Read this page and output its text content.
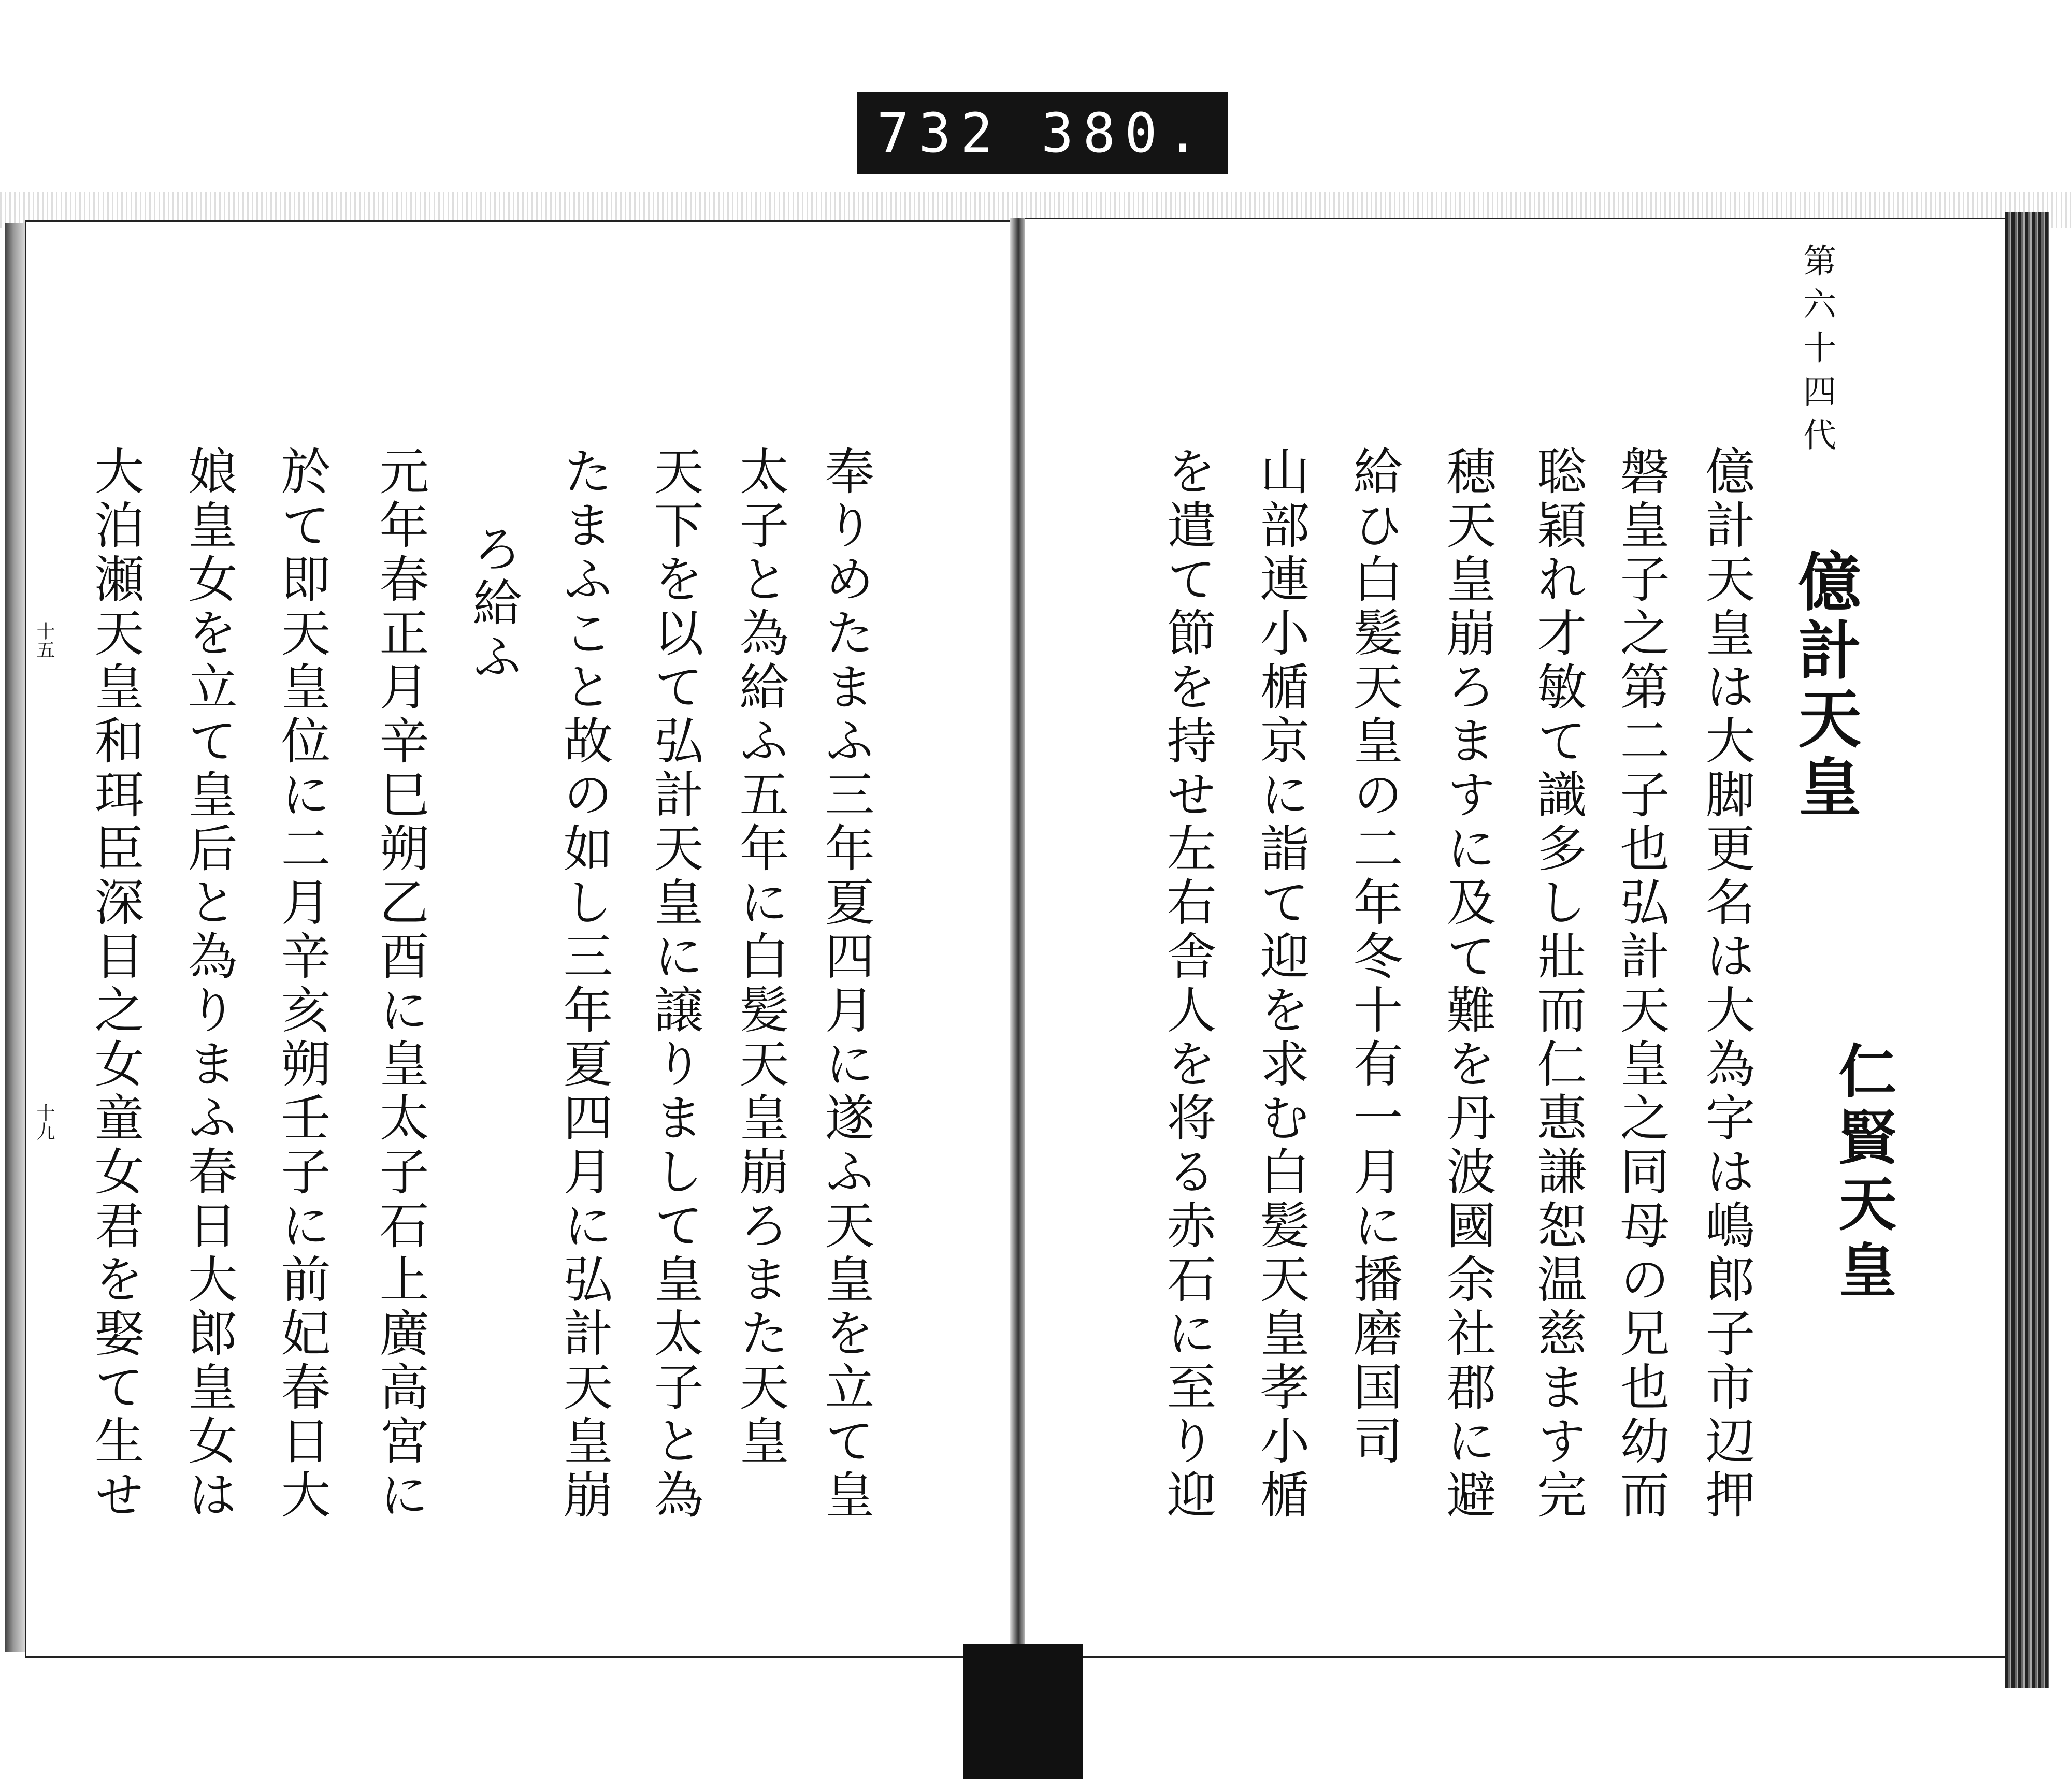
732 380.
第六十四代
億計天皇
仁賢天皇
億計天皇は大脚更名は大為字は嶋郎子市辺押
磐皇子之第二子也弘計天皇之同母の兄也幼而
聡穎れ才敏て識多し壯而仁惠謙恕温慈ます完
穂天皇崩ろますに及て難を丹波國余社郡に避
給ひ白髪天皇の二年冬十有一月に播磨国司
山部連小楯京に詣て迎を求む白髪天皇孝小楯
を遣て節を持せ左右舎人を将る赤石に至り迎
奉りめたまふ三年夏四月に遂ふ天皇を立て皇
太子と為給ふ五年に白髪天皇崩ろまた天皇
天下を以て弘計天皇に譲りまして皇太子と為
たまふこと故の如し三年夏四月に弘計天皇崩
ろ給ふ
元年春正月辛巳朔乙酉に皇太子石上廣高宮に
於て即天皇位に二月辛亥朔壬子に前妃春日大
娘皇女を立て皇后と為りまふ春日大郎皇女は
大泊瀬天皇和珥臣深目之女童女君を娶て生せ
十五
十九
